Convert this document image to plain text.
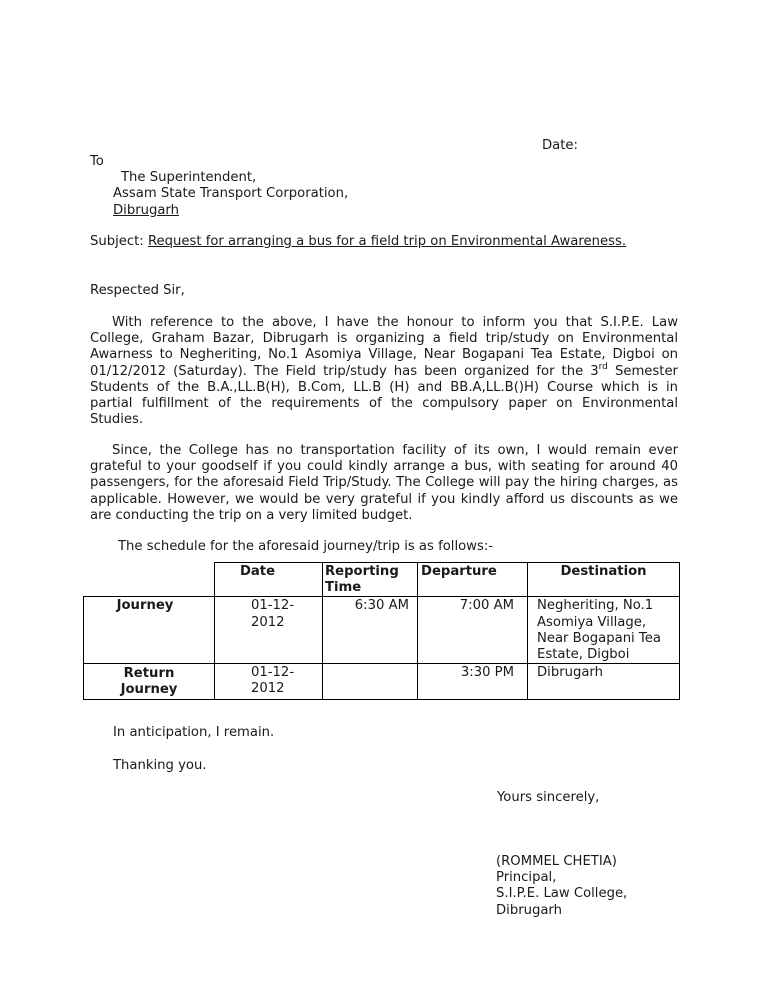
Date:
To
The Superintendent,
Assam State Transport Corporation,
Dibrugarh
Subject: Request for arranging a bus for a field trip on Environmental Awareness.
Respected Sir,
With reference to the above, I have the honour to inform you that S.I.P.E. Law College, Graham Bazar, Dibrugarh is organizing a field trip/study on Environmental Awarness to Negheriting, No.1 Asomiya Village, Near Bogapani Tea Estate, Digboi on 01/12/2012 (Saturday). The Field trip/study has been organized for the 3rd Semester Students of the B.A.,LL.B(H), B.Com, LL.B (H) and BB.A,LL.B()H) Course which is in partial fulfillment of the requirements of the compulsory paper on Environmental Studies.
Since, the College has no transportation facility of its own, I would remain ever grateful to your goodself if you could kindly arrange a bus, with seating for around 40 passengers, for the aforesaid Field Trip/Study. The College will pay the hiring charges, as applicable. However, we would be very grateful if you kindly afford us discounts as we are conducting the trip on a very limited budget.
The schedule for the aforesaid journey/trip is as follows:-
	Date	Reporting Time	Departure	Destination
Journey	01-12-2012	6:30 AM	7:00 AM	Negheriting, No.1 Asomiya Village, Near Bogapani Tea Estate, Digboi
Return Journey	01-12-2012		3:30 PM	Dibrugarh
In anticipation, I remain.
Thanking you.
Yours sincerely,
(ROMMEL CHETIA)
Principal,
S.I.P.E. Law College,
Dibrugarh
